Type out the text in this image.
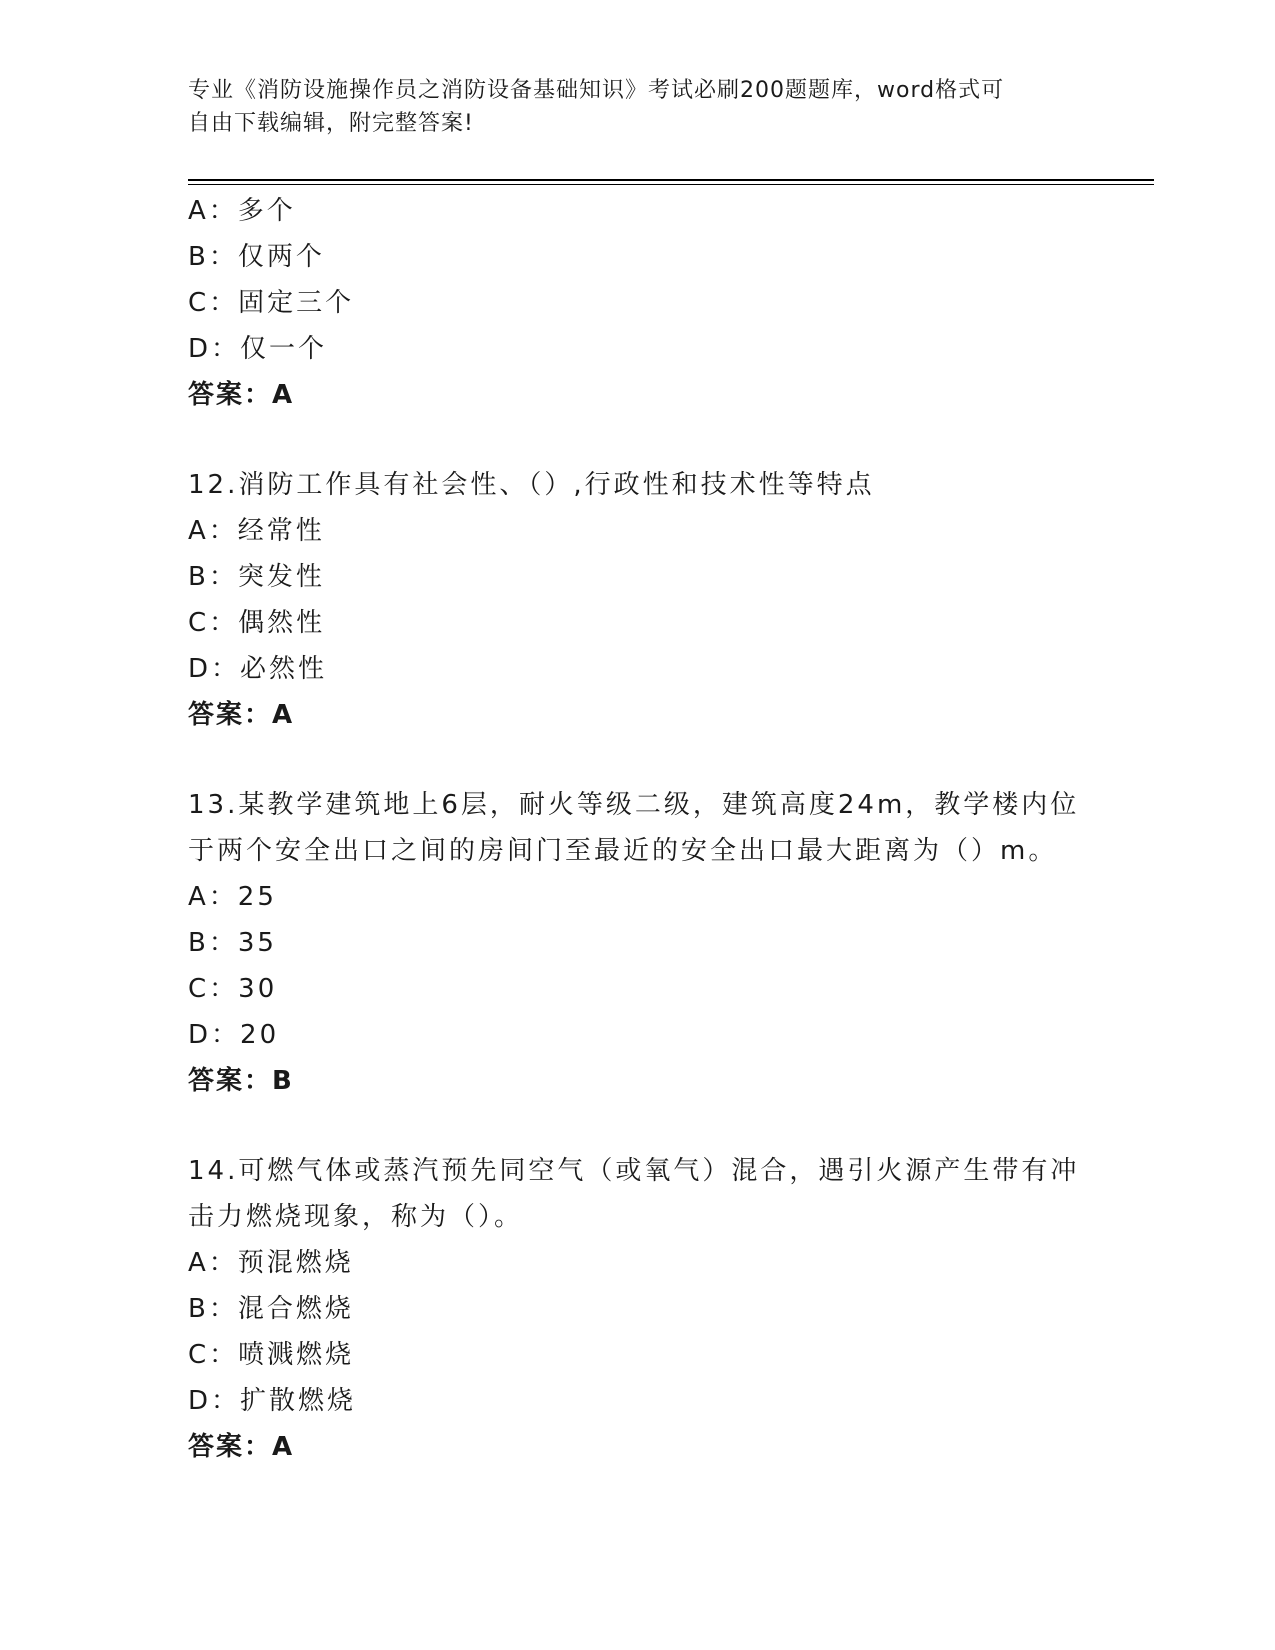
专业《消防设施操作员之消防设备基础知识》考试必刷200题题库，word格式可
自由下载编辑，附完整答案!
A：多个
B：仅两个
C：固定三个
D：仅一个
答案：A
12.消防工作具有社会性、（）,行政性和技术性等特点
A：经常性
B：突发性
C：偶然性
D：必然性
答案：A
13.某教学建筑地上6层，耐火等级二级，建筑高度24m，教学楼内位
于两个安全出口之间的房间门至最近的安全出口最大距离为（）m。
A：25
B：35
C：30
D：20
答案：B
14.可燃气体或蒸汽预先同空气（或氧气）混合，遇引火源产生带有冲
击力燃烧现象，称为（）。
A：预混燃烧
B：混合燃烧
C：喷溅燃烧
D：扩散燃烧
答案：A
